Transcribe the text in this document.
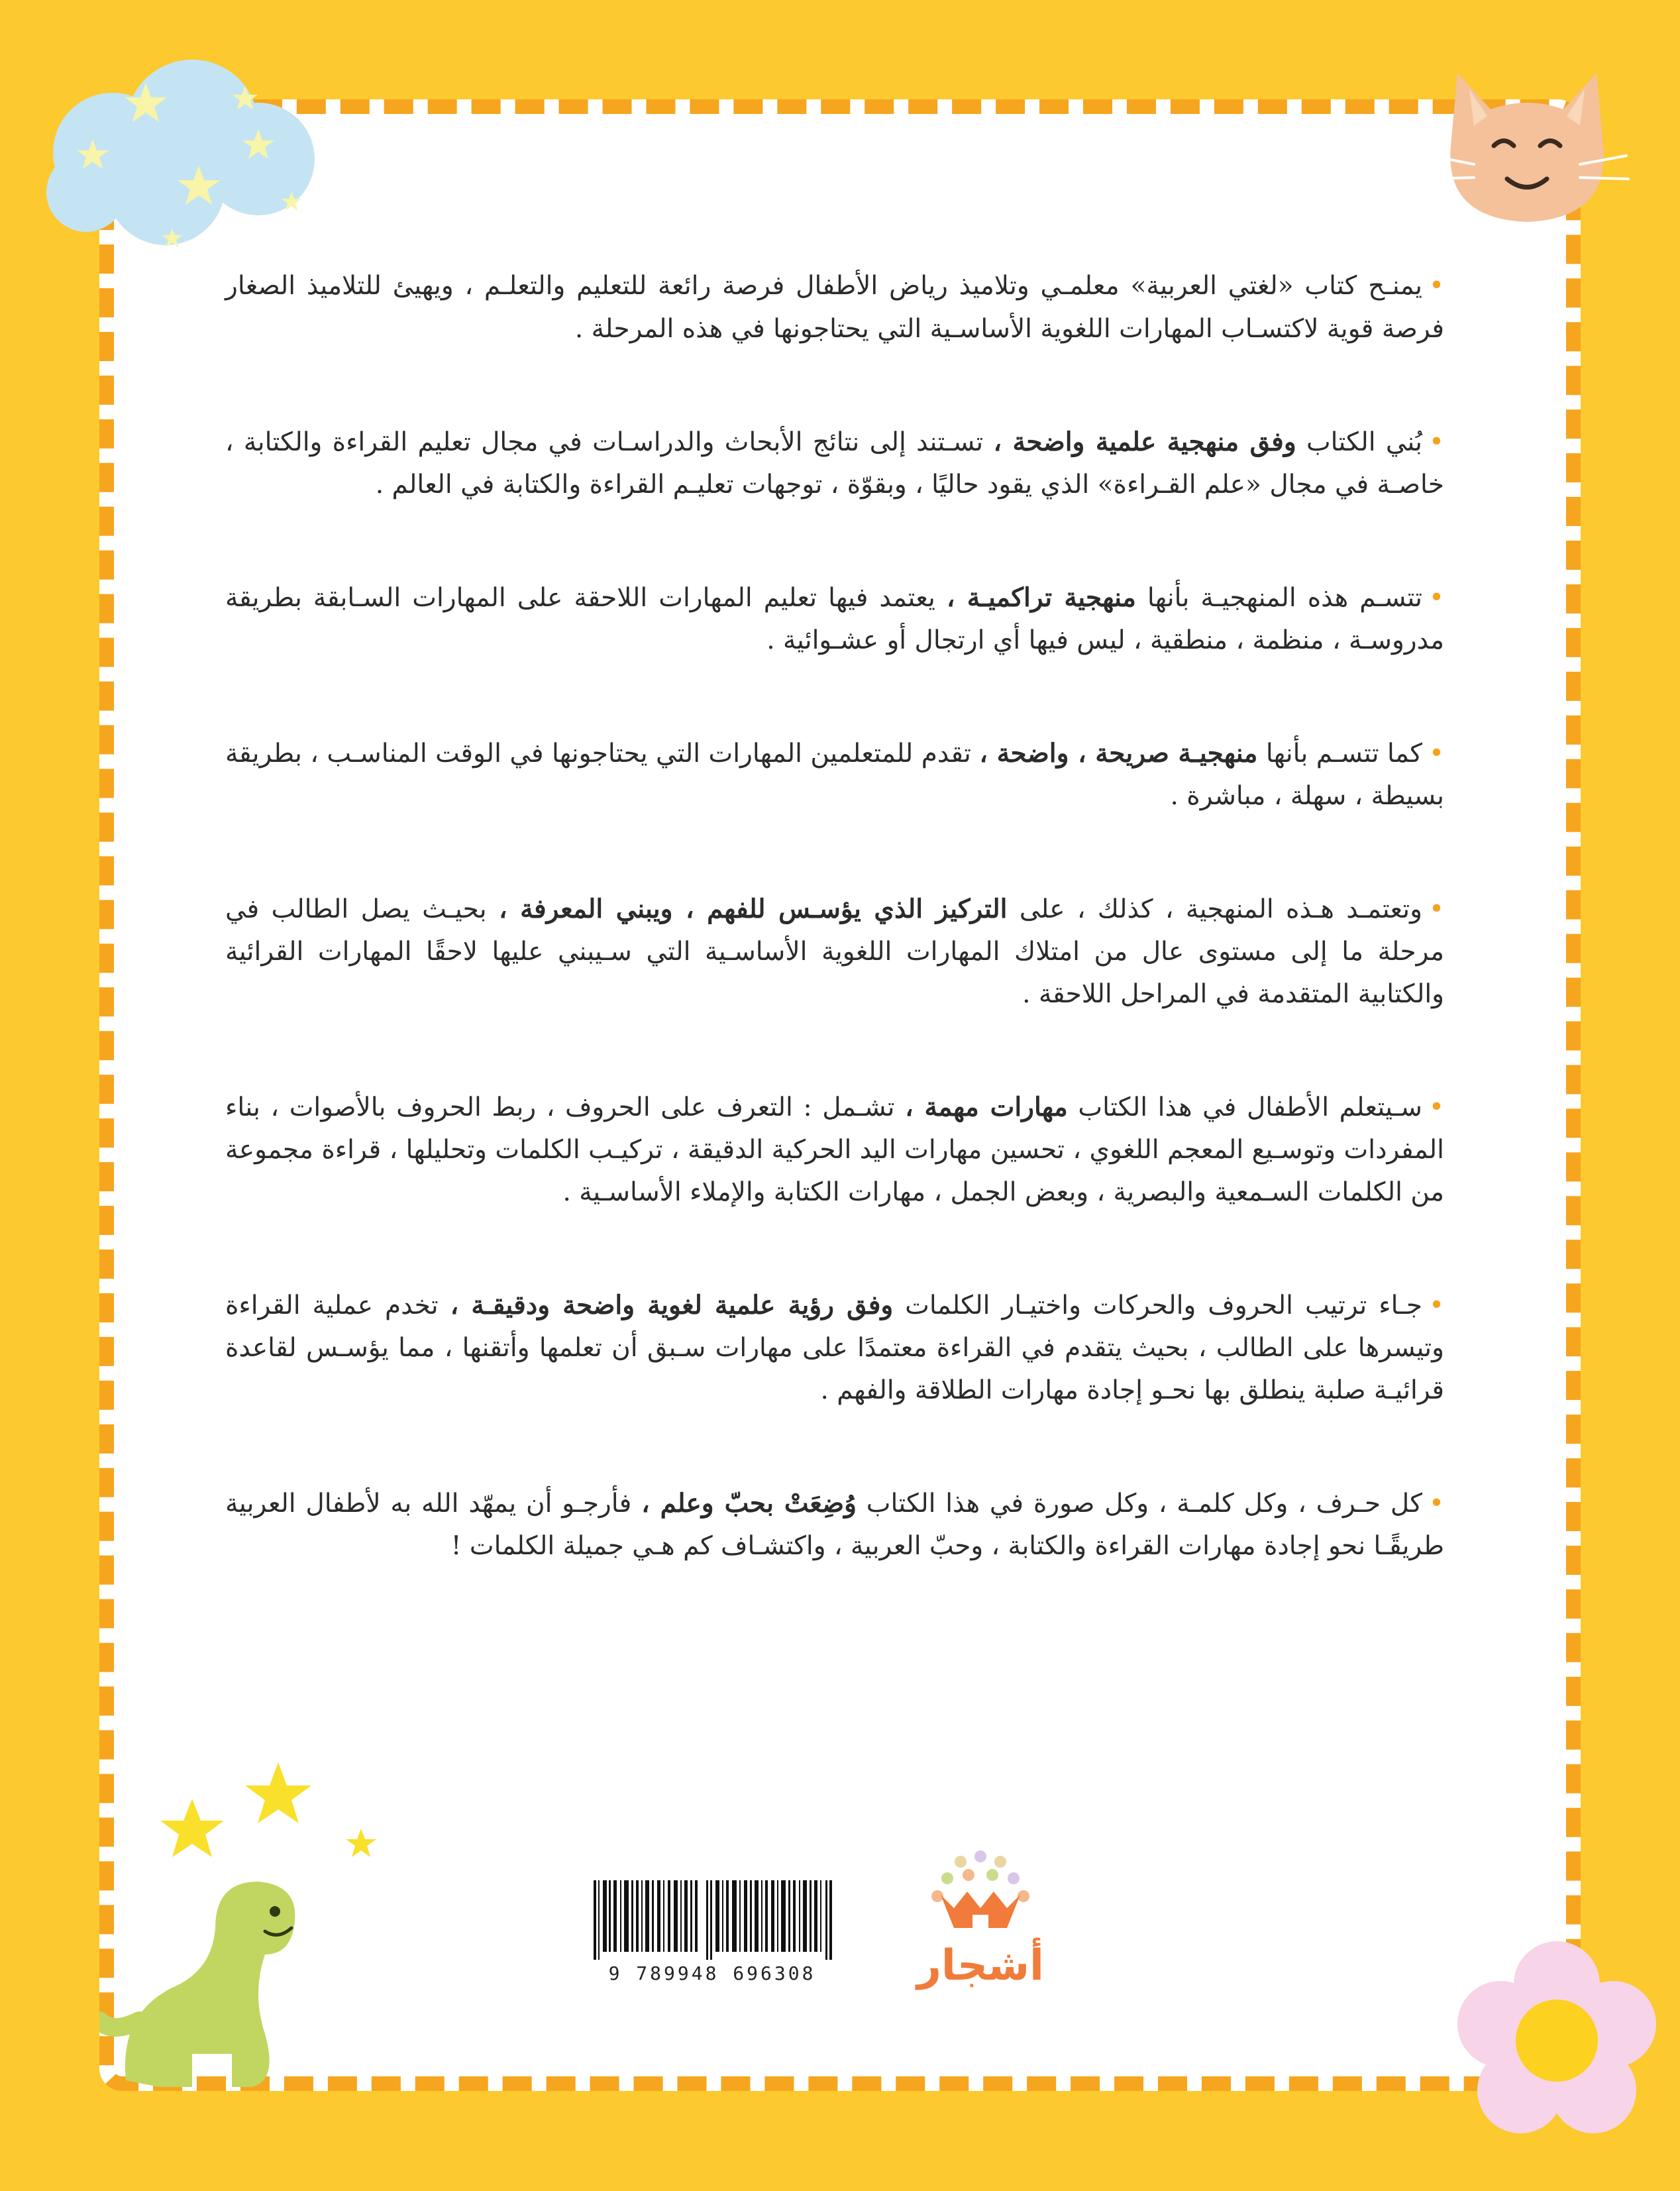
•يمنـح كتاب «لغتي العربية» معلمـي وتلاميذ رياض الأطفال فرصة رائعة للتعليم والتعلـم ، ويهيئ للتلاميذ الصغار فرصة قوية لاكتسـاب المهارات اللغوية الأساسـية التي يحتاجونها في هذه المرحلة .

•بُني الكتاب وفق منهجية علمية واضحة ، تسـتند إلى نتائج الأبحاث والدراسـات في مجال تعليم القراءة والكتابة ، خاصـة في مجال «علم القـراءة» الذي يقود حاليًا ، وبقوّة ، توجهات تعليـم القراءة والكتابة في العالم .

•تتسـم هذه المنهجيـة بأنها منهجية تراكميـة ، يعتمد فيها تعليم المهارات اللاحقة على المهارات السـابقة بطريقة مدروسـة ، منظمة ، منطقية ، ليس فيها أي ارتجال أو عشـوائية .

•كما تتسـم بأنها منهجيـة صريحة ، واضحة ، تقدم للمتعلمين المهارات التي يحتاجونها في الوقت المناسـب ، بطريقة بسيطة ، سهلة ، مباشرة .

•وتعتمـد هـذه المنهجية ، كذلك ، على التركيز الذي يؤسـس للفهم ، ويبني المعرفة ، بحيـث يصل الطالب في مرحلة ما إلى مستوى عال من امتلاك المهارات اللغوية الأساسـية التي سـيبني عليها لاحقًا المهارات القرائية والكتابية المتقدمة في المراحل اللاحقة .

•سـيتعلم الأطفال في هذا الكتاب مهارات مهمة ، تشـمل : التعرف على الحروف ، ربط الحروف بالأصوات ، بناء المفردات وتوسـيع المعجم اللغوي ، تحسين مهارات اليد الحركية الدقيقة ، تركيـب الكلمات وتحليلها ، قراءة مجموعة من الكلمات السـمعية والبصرية ، وبعض الجمل ، مهارات الكتابة والإملاء الأساسـية .

•جـاء ترتيب الحروف والحركات واختيـار الكلمات وفق رؤية علمية لغوية واضحة ودقيقـة ، تخدم عملية القراءة وتيسرها على الطالب ، بحيث يتقدم في القراءة معتمدًا على مهارات سـبق أن تعلمها وأتقنها ، مما يؤسـس لقاعدة قرائيـة صلبة ينطلق بها نحـو إجادة مهارات الطلاقة والفهم .

•كل حـرف ، وكل كلمـة ، وكل صورة في هذا الكتاب وُضِعَتْ بحبّ وعلم ، فأرجـو أن يمهّد الله به لأطفال العربية طريقًـا نحو إجادة مهارات القراءة والكتابة ، وحبّ العربية ، واكتشـاف كم هـي جميلة الكلمات !

9 789948 696308	أشجار
